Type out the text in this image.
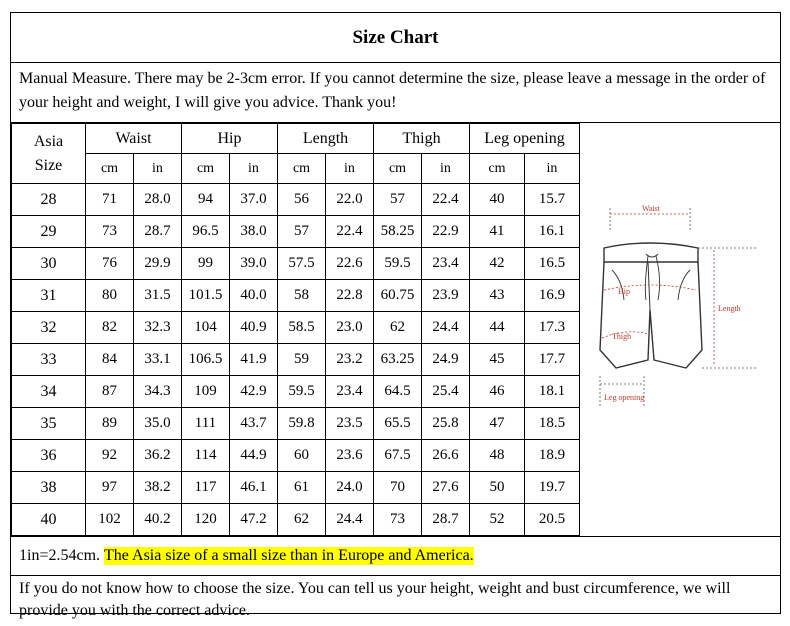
Size Chart
Manual Measure. There may be 2-3cm error. If you cannot determine the size, please leave a message in the order of your height and weight, I will give you advice. Thank you!
Asia
Size	Waist		Hip		Length		Thigh		Leg opening	
	cm	in	cm	in	cm	in	cm	in	cm	in
28	71	28.0	94	37.0	56	22.0	57	22.4	40	15.7
29	73	28.7	96.5	38.0	57	22.4	58.25	22.9	41	16.1
30	76	29.9	99	39.0	57.5	22.6	59.5	23.4	42	16.5
31	80	31.5	101.5	40.0	58	22.8	60.75	23.9	43	16.9
32	82	32.3	104	40.9	58.5	23.0	62	24.4	44	17.3
33	84	33.1	106.5	41.9	59	23.2	63.25	24.9	45	17.7
34	87	34.3	109	42.9	59.5	23.4	64.5	25.4	46	18.1
35	89	35.0	111	43.7	59.8	23.5	65.5	25.8	47	18.5
36	92	36.2	114	44.9	60	23.6	67.5	26.6	48	18.9
38	97	38.2	117	46.1	61	24.0	70	27.6	50	19.7
40	102	40.2	120	47.2	62	24.4	73	28.7	52	20.5
1in=2.54cm. The Asia size of a small size than in Europe and America.
If you do not know how to choose the size. You can tell us your height, weight and bust circumference, we will provide you with the correct advice.
Waist
Length
Hip
Thigh
Leg opening
